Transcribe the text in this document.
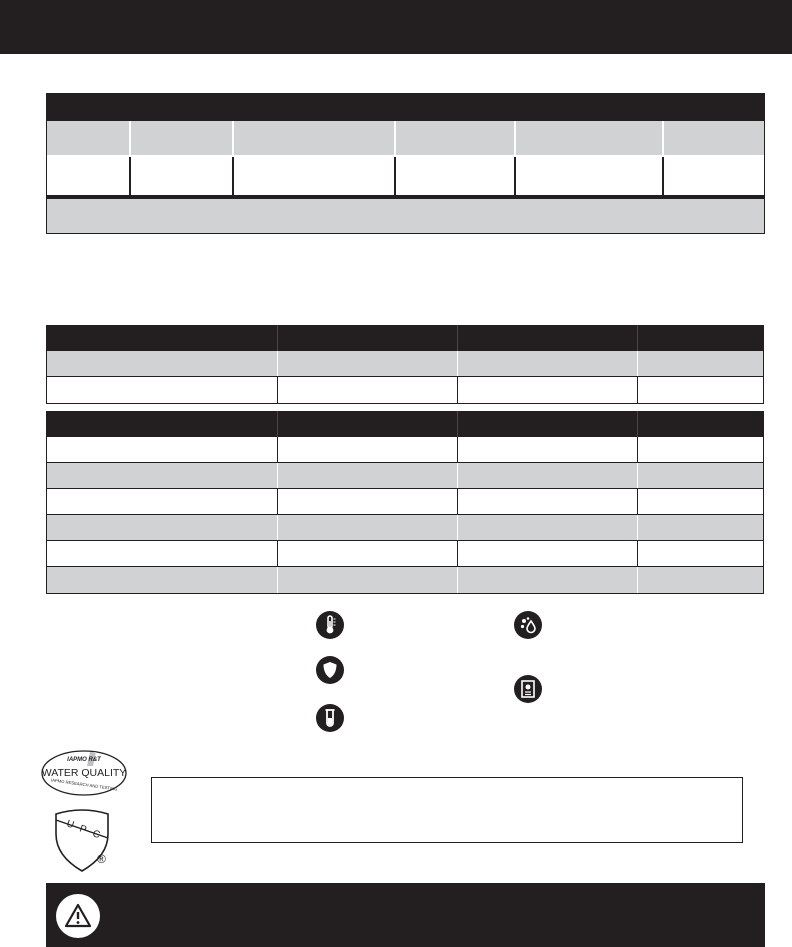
IAPMO R&T
WATER QUALITY
IAPMO RESEARCH AND TESTING
U P C
®
